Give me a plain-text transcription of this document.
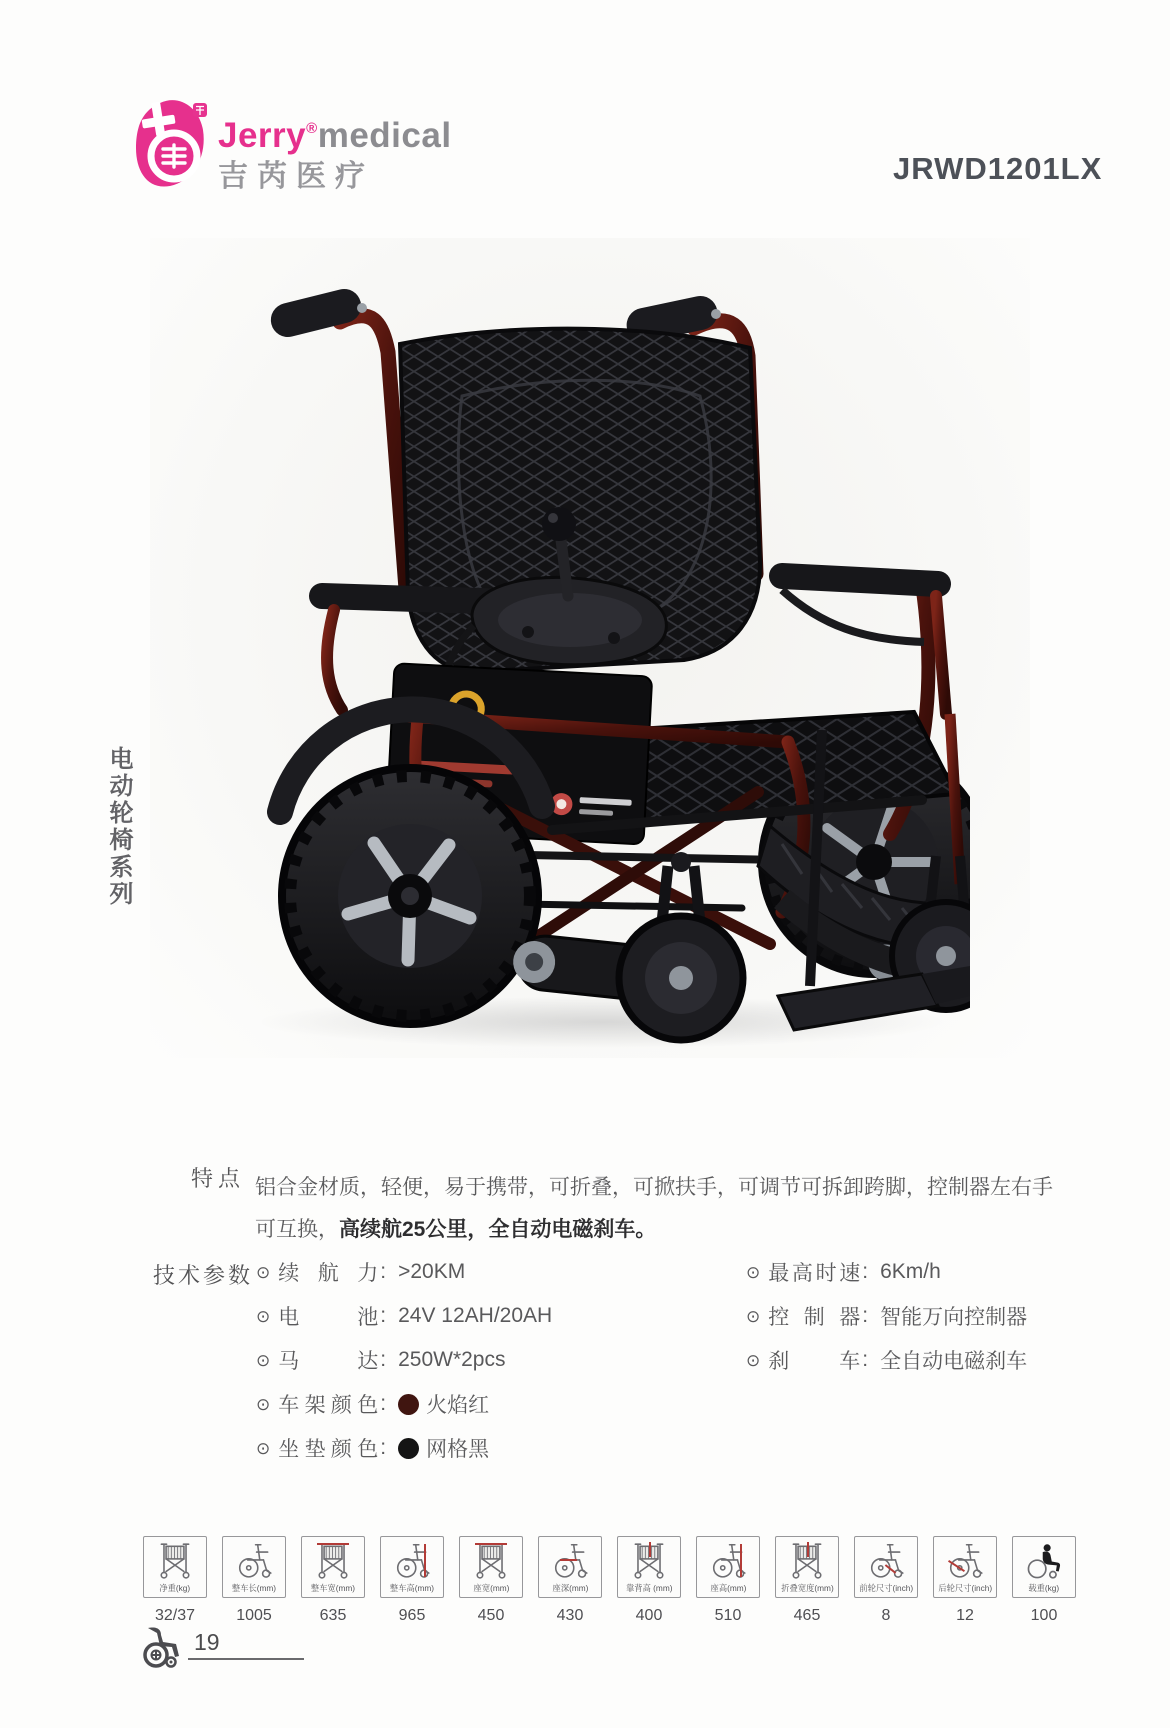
Jerry®medical
吉芮医疗	JRWD1201LX
电动轮椅系列
特点 铝合金材质，轻便，易于携带，可折叠，可掀扶手，可调节可拆卸跨脚，控制器左右手
可互换，高续航25公里，全自动电磁刹车。

技术参数 ⊙ 续航力 : >20KM
⊙ 电池 : 24V 12AH/20AH
⊙ 马达 : 250W*2pcs
⊙ 车架颜色 : 火焰红
⊙ 坐垫颜色 : 网格黑
⊙ 最高时速 : 6Km/h
⊙ 控制器 : 智能万向控制器
⊙ 刹车 : 全自动电磁刹车
净重(kg)
32/37
整车长(mm)
1005
整车宽(mm)
635
整车高(mm)
965
座宽(mm)
450
座深(mm)
430
靠背高 (mm)
400
座高(mm)
510
折叠宽度(mm)
465
前轮尺寸(inch)
8
后轮尺寸(inch)
12
载重(kg)
100
19
